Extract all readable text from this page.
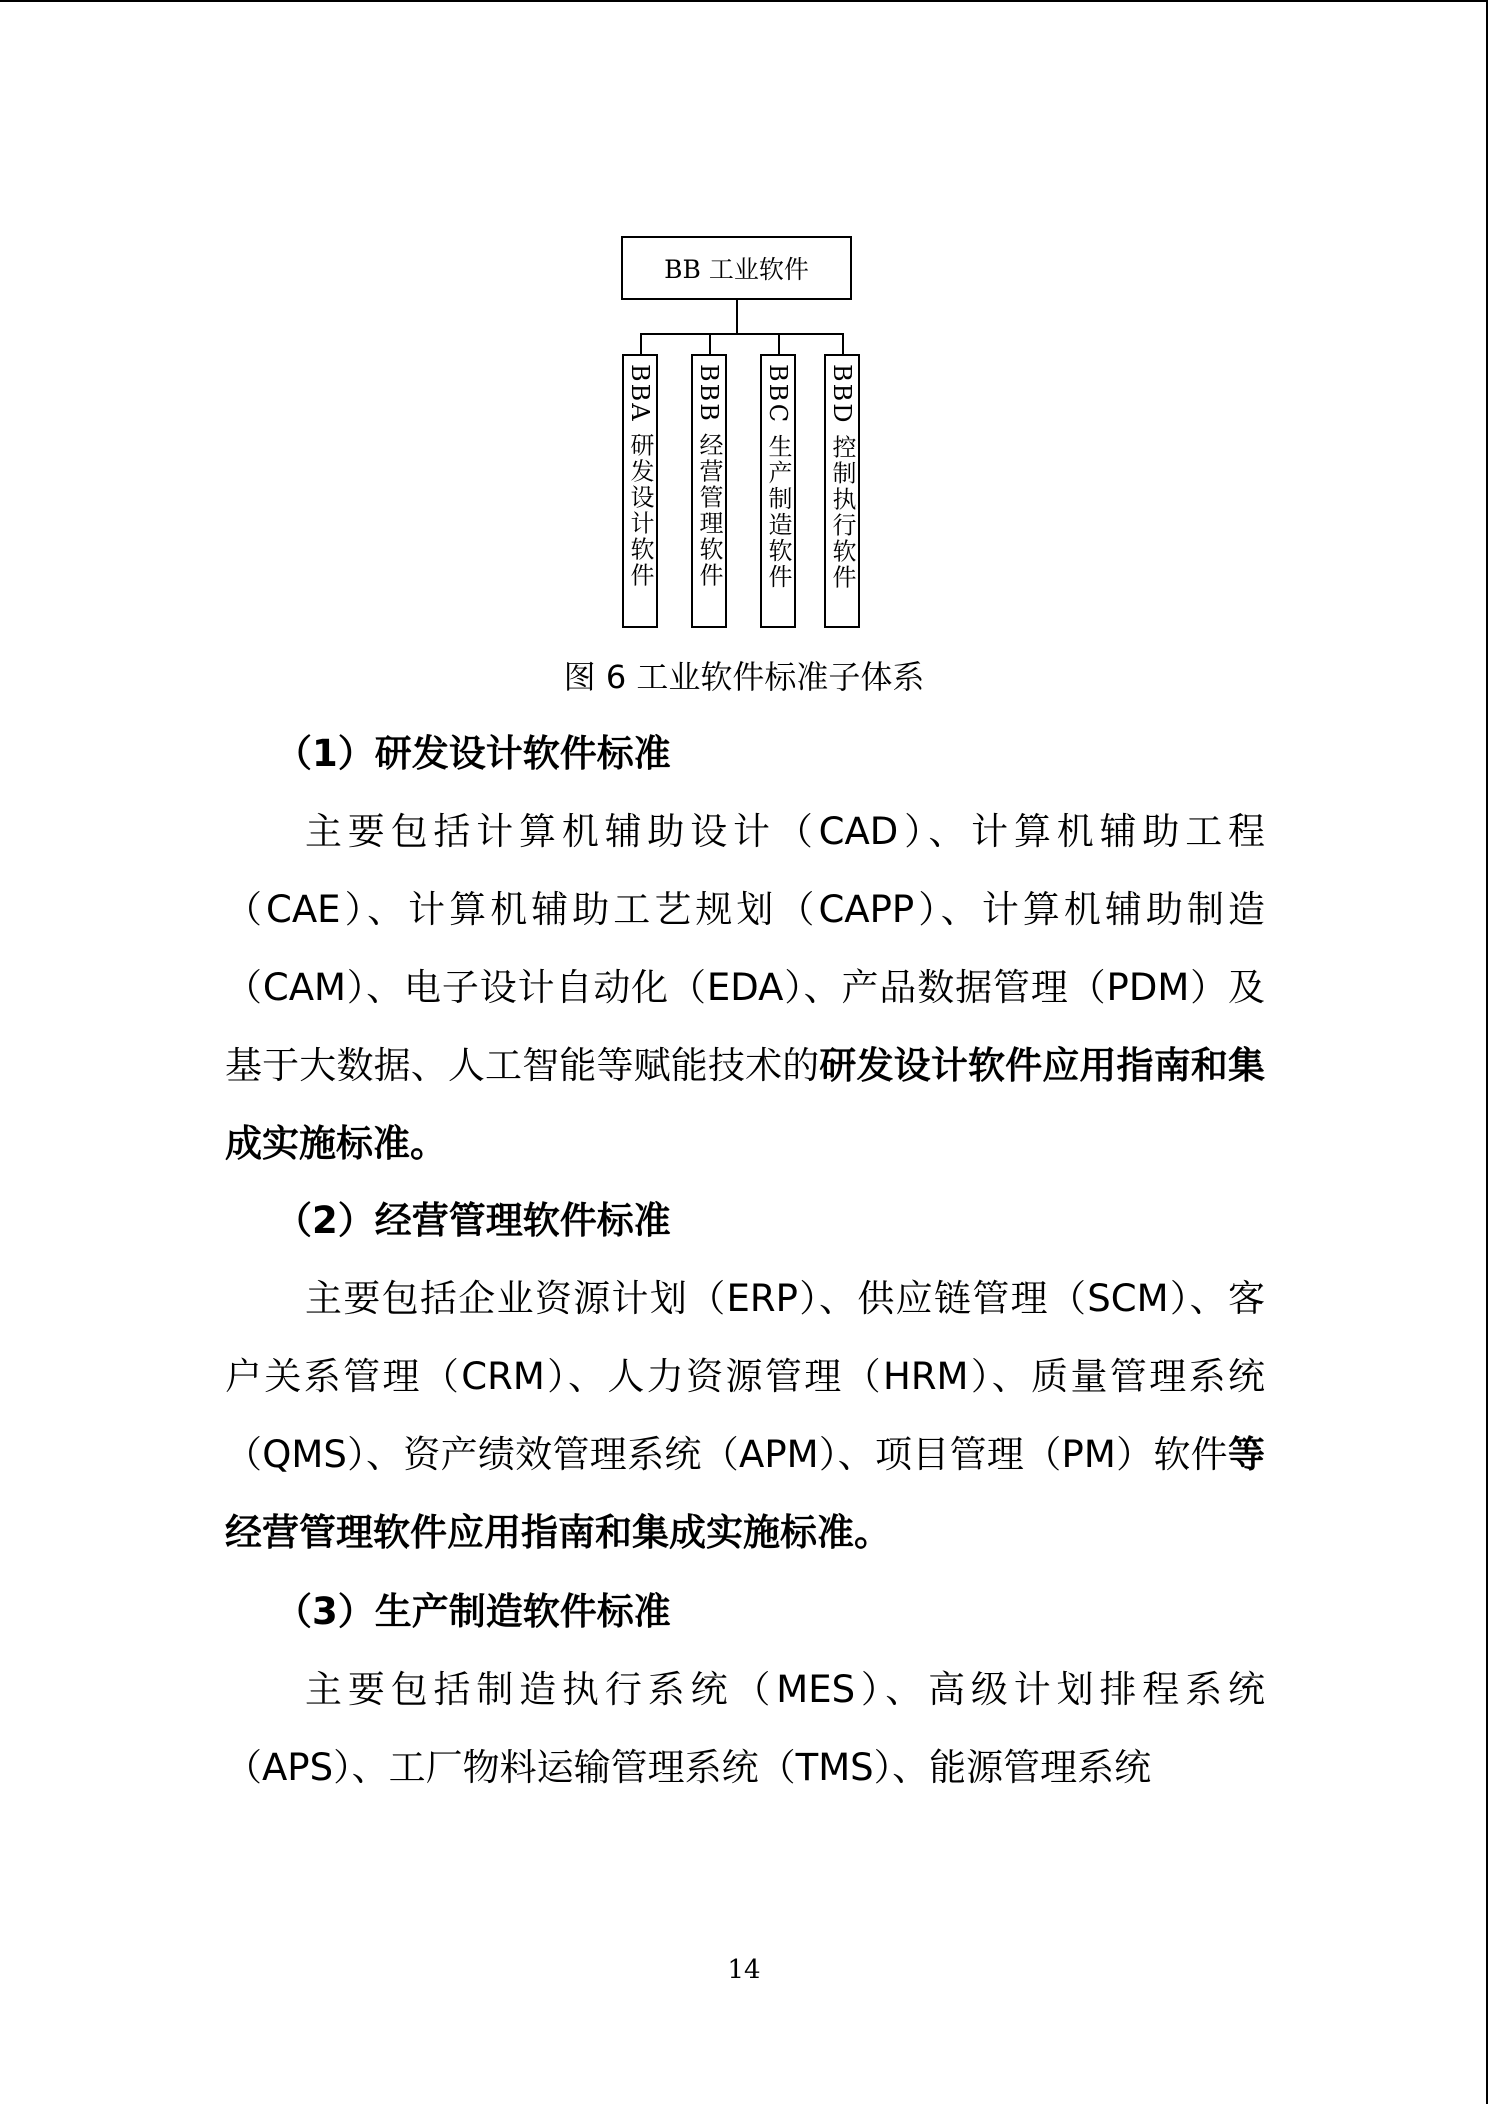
BB 工业软件
BBA 研发设计软件 BBB 经营管理软件 BBC 生产制造软件 BBD 控制执行软件
图 6 工业软件标准子体系
（1）研发设计软件标准

主要包括计算机辅助设计（CAD）、计算机辅助工程（CAE）、计算机辅助工艺规划（CAPP）、计算机辅助制造（CAM）、电子设计自动化（EDA）、产品数据管理（PDM）及基于大数据、人工智能等赋能技术的研发设计软件应用指南和集成实施标准。

（2）经营管理软件标准

主要包括企业资源计划（ERP）、供应链管理（SCM）、客户关系管理（CRM）、人力资源管理（HRM）、质量管理系统（QMS）、资产绩效管理系统（APM）、项目管理（PM）软件等经营管理软件应用指南和集成实施标准。

（3）生产制造软件标准

主要包括制造执行系统（MES）、高级计划排程系统（APS）、工厂物料运输管理系统（TMS）、能源管理系统

14
